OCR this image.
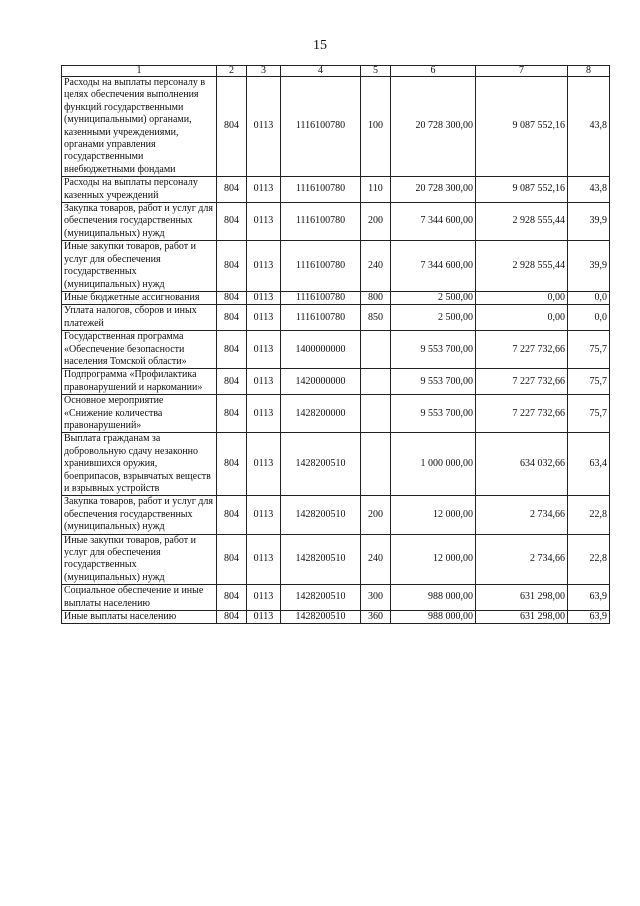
15
1	2	3	4	5	6	7	8
Расходы на выплаты персоналу в целях обеспечения выполнения функций государственными (муниципальными) органами, казенными учреждениями, органами управления государственными внебюджетными фондами	804	0113	1116100780	100	20 728 300,00	9 087 552,16	43,8
Расходы на выплаты персоналу казенных учреждений	804	0113	1116100780	110	20 728 300,00	9 087 552,16	43,8
Закупка товаров, работ и услуг для обеспечения государственных (муниципальных) нужд	804	0113	1116100780	200	7 344 600,00	2 928 555,44	39,9
Иные закупки товаров, работ и услуг для обеспечения государственных (муниципальных) нужд	804	0113	1116100780	240	7 344 600,00	2 928 555,44	39,9
Иные бюджетные ассигнования	804	0113	1116100780	800	2 500,00	0,00	0,0
Уплата налогов, сборов и иных платежей	804	0113	1116100780	850	2 500,00	0,00	0,0
Государственная программа «Обеспечение безопасности населения Томской области»	804	0113	1400000000		9 553 700,00	7 227 732,66	75,7
Подпрограмма «Профилактика правонарушений и наркомании»	804	0113	1420000000		9 553 700,00	7 227 732,66	75,7
Основное мероприятие «Снижение количества правонарушений»	804	0113	1428200000		9 553 700,00	7 227 732,66	75,7
Выплата гражданам за добровольную сдачу незаконно хранившихся оружия, боеприпасов, взрывчатых веществ и взрывных устройств	804	0113	1428200510		1 000 000,00	634 032,66	63,4
Закупка товаров, работ и услуг для обеспечения государственных (муниципальных) нужд	804	0113	1428200510	200	12 000,00	2 734,66	22,8
Иные закупки товаров, работ и услуг для обеспечения государственных (муниципальных) нужд	804	0113	1428200510	240	12 000,00	2 734,66	22,8
Социальное обеспечение и иные выплаты населению	804	0113	1428200510	300	988 000,00	631 298,00	63,9
Иные выплаты населению	804	0113	1428200510	360	988 000,00	631 298,00	63,9
